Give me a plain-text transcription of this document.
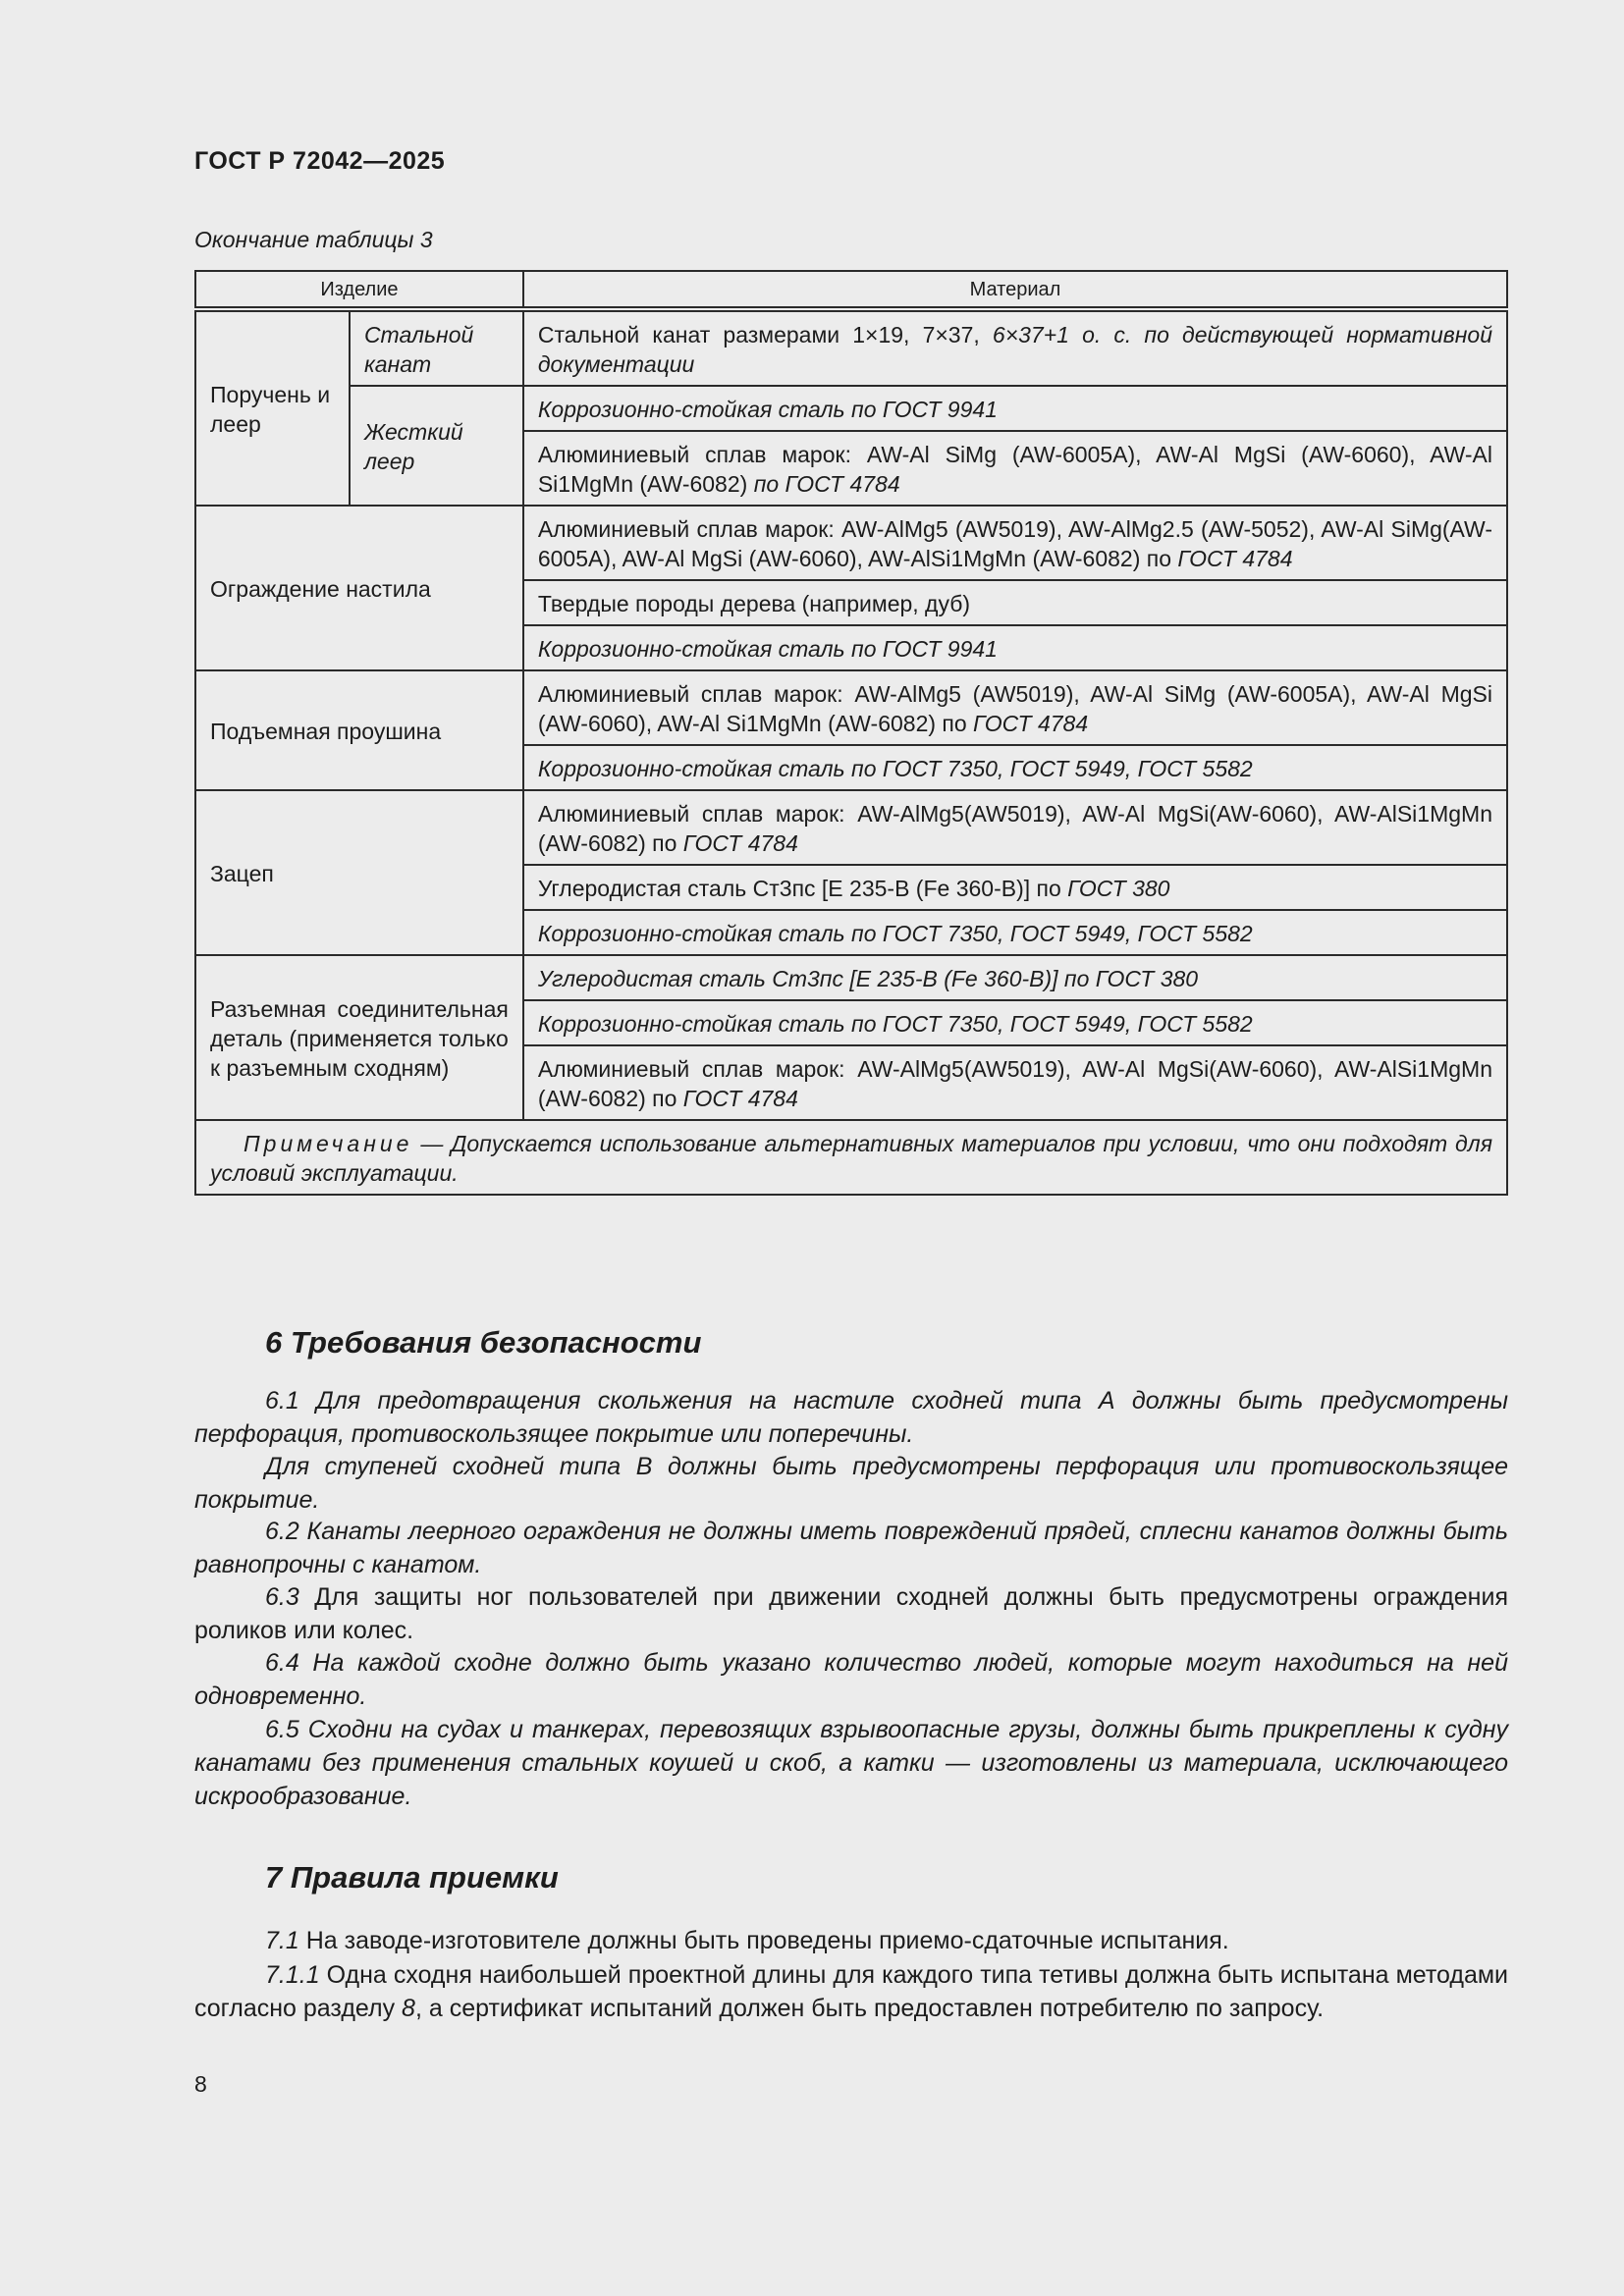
ГОСТ Р 72042—2025
Окончание таблицы 3
Изделие		Материал
Поручень и леер	Стальной канат	Стальной канат размерами 1×19, 7×37, 6×37+1 о. с. по действующей нормативной документации
	Жесткий леер	Коррозионно-стойкая сталь по ГОСТ 9941
		Алюминиевый сплав марок: AW-Al SiMg (AW-6005A), AW-Al MgSi (AW-6060), AW-Al Si1MgMn (AW-6082) по ГОСТ 4784
Ограждение настила		Алюминиевый сплав марок: AW-AlMg5 (AW5019), AW-AlMg2.5 (AW-5052), AW-Al SiMg(AW-6005A), AW-Al MgSi (AW-6060), AW-AlSi1MgMn (AW-6082) по ГОСТ 4784
		Твердые породы дерева (например, дуб)
		Коррозионно-стойкая сталь по ГОСТ 9941
Подъемная проушина		Алюминиевый сплав марок: AW-AlMg5 (AW5019), AW-Al SiMg (AW-6005A), AW-Al MgSi (AW-6060), AW-Al Si1MgMn (AW-6082) по ГОСТ 4784
		Коррозионно-стойкая сталь по ГОСТ 7350, ГОСТ 5949, ГОСТ 5582
Зацеп		Алюминиевый сплав марок: AW-AlMg5(AW5019), AW-Al MgSi(AW-6060), AW-AlSi1MgMn (AW-6082) по ГОСТ 4784
		Углеродистая сталь Ст3пс [E 235-B (Fe 360-B)] по ГОСТ 380
		Коррозионно-стойкая сталь по ГОСТ 7350, ГОСТ 5949, ГОСТ 5582
Разъемная соединительная деталь (применяется только к разъемным сходням)		Углеродистая сталь Ст3пс [E 235-B (Fe 360-B)] по ГОСТ 380
		Коррозионно-стойкая сталь по ГОСТ 7350, ГОСТ 5949, ГОСТ 5582
		Алюминиевый сплав марок: AW-AlMg5(AW5019), AW-Al MgSi(AW-6060), AW-AlSi1MgMn (AW-6082) по ГОСТ 4784
Примечание — Допускается использование альтернативных материалов при условии, что они подходят для условий эксплуатации.		
6 Требования безопасности
6.1 Для предотвращения скольжения на настиле сходней типа А должны быть предусмотрены перфорация, противоскользящее покрытие или поперечины.
Для ступеней сходней типа В должны быть предусмотрены перфорация или противоскользящее покрытие.
6.2 Канаты леерного ограждения не должны иметь повреждений прядей, сплесни канатов должны быть равнопрочны с канатом.
6.3 Для защиты ног пользователей при движении сходней должны быть предусмотрены ограждения роликов или колес.
6.4 На каждой сходне должно быть указано количество людей, которые могут находиться на ней одновременно.
6.5 Сходни на судах и танкерах, перевозящих взрывоопасные грузы, должны быть прикреплены к судну канатами без применения стальных коушей и скоб, а катки — изготовлены из материала, исключающего искрообразование.
7 Правила приемки
7.1 На заводе-изготовителе должны быть проведены приемо-сдаточные испытания.
7.1.1 Одна сходня наибольшей проектной длины для каждого типа тетивы должна быть испытана методами согласно разделу 8, а сертификат испытаний должен быть предоставлен потребителю по запросу.
8
